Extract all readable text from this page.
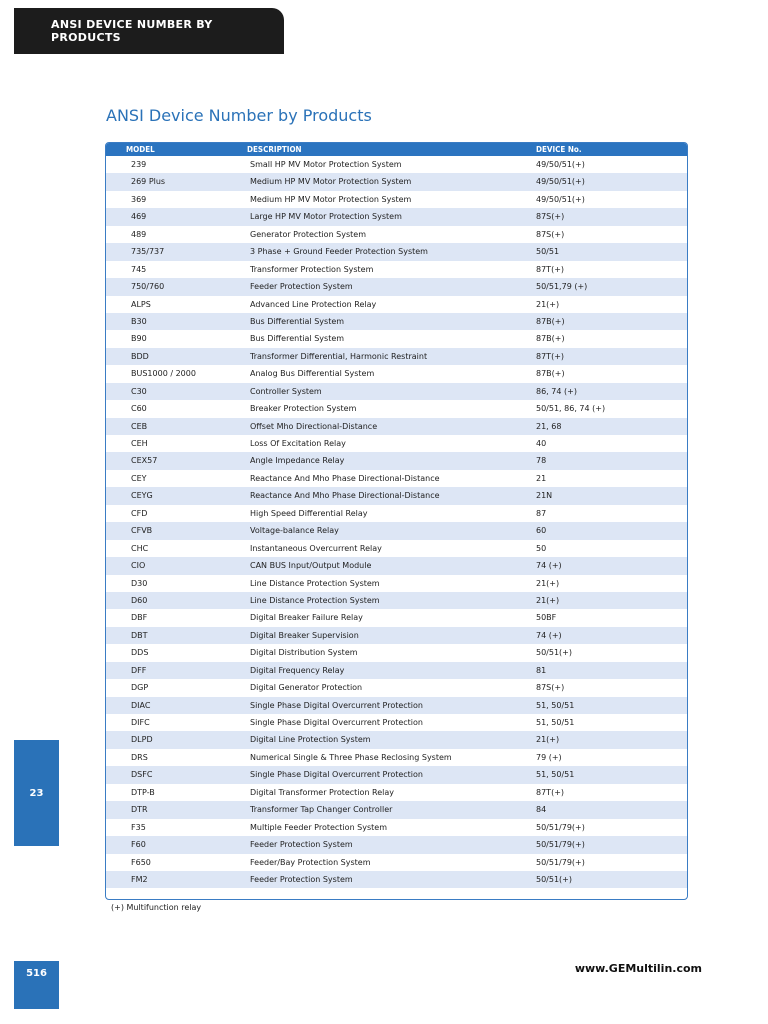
ANSI DEVICE NUMBER BY PRODUCTS
ANSI Device Number by Products
MODEL	DESCRIPTION	DEVICE No.
239	Small HP MV Motor Protection System	49/50/51(+)
269 Plus	Medium HP MV Motor Protection System	49/50/51(+)
369	Medium HP MV Motor Protection System	49/50/51(+)
469	Large HP MV Motor Protection System	87S(+)
489	Generator Protection System	87S(+)
735/737	3 Phase + Ground Feeder Protection System	50/51
745	Transformer Protection System	87T(+)
750/760	Feeder Protection System	50/51,79 (+)
ALPS	Advanced Line Protection Relay	21(+)
B30	Bus Differential System	87B(+)
B90	Bus Differential System	87B(+)
BDD	Transformer Differential, Harmonic Restraint	87T(+)
BUS1000 / 2000	Analog Bus Differential System	87B(+)
C30	Controller System	86, 74 (+)
C60	Breaker Protection System	50/51, 86, 74 (+)
CEB	Offset Mho Directional-Distance	21, 68
CEH	Loss Of Excitation Relay	40
CEX57	Angle Impedance Relay	78
CEY	Reactance And Mho Phase Directional-Distance	21
CEYG	Reactance And Mho Phase Directional-Distance	21N
CFD	High Speed Differential Relay	87
CFVB	Voltage-balance Relay	60
CHC	Instantaneous Overcurrent Relay	50
CIO	CAN BUS Input/Output Module	74 (+)
D30	Line Distance Protection System	21(+)
D60	Line Distance Protection System	21(+)
DBF	Digital Breaker Failure Relay	50BF
DBT	Digital Breaker Supervision	74 (+)
DDS	Digital Distribution System	50/51(+)
DFF	Digital Frequency Relay	81
DGP	Digital Generator Protection	87S(+)
DIAC	Single Phase Digital Overcurrent Protection	51, 50/51
DIFC	Single Phase Digital Overcurrent Protection	51, 50/51
DLPD	Digital Line Protection System	21(+)
DRS	Numerical Single & Three Phase Reclosing System	79 (+)
DSFC	Single Phase Digital Overcurrent Protection	51, 50/51
DTP-B	Digital Transformer Protection Relay	87T(+)
DTR	Transformer Tap Changer Controller	84
F35	Multiple Feeder Protection System	50/51/79(+)
F60	Feeder Protection System	50/51/79(+)
F650	Feeder/Bay Protection System	50/51/79(+)
FM2	Feeder Protection System	50/51(+)
(+) Multifunction relay
23
516	www.GEMultilin.com
